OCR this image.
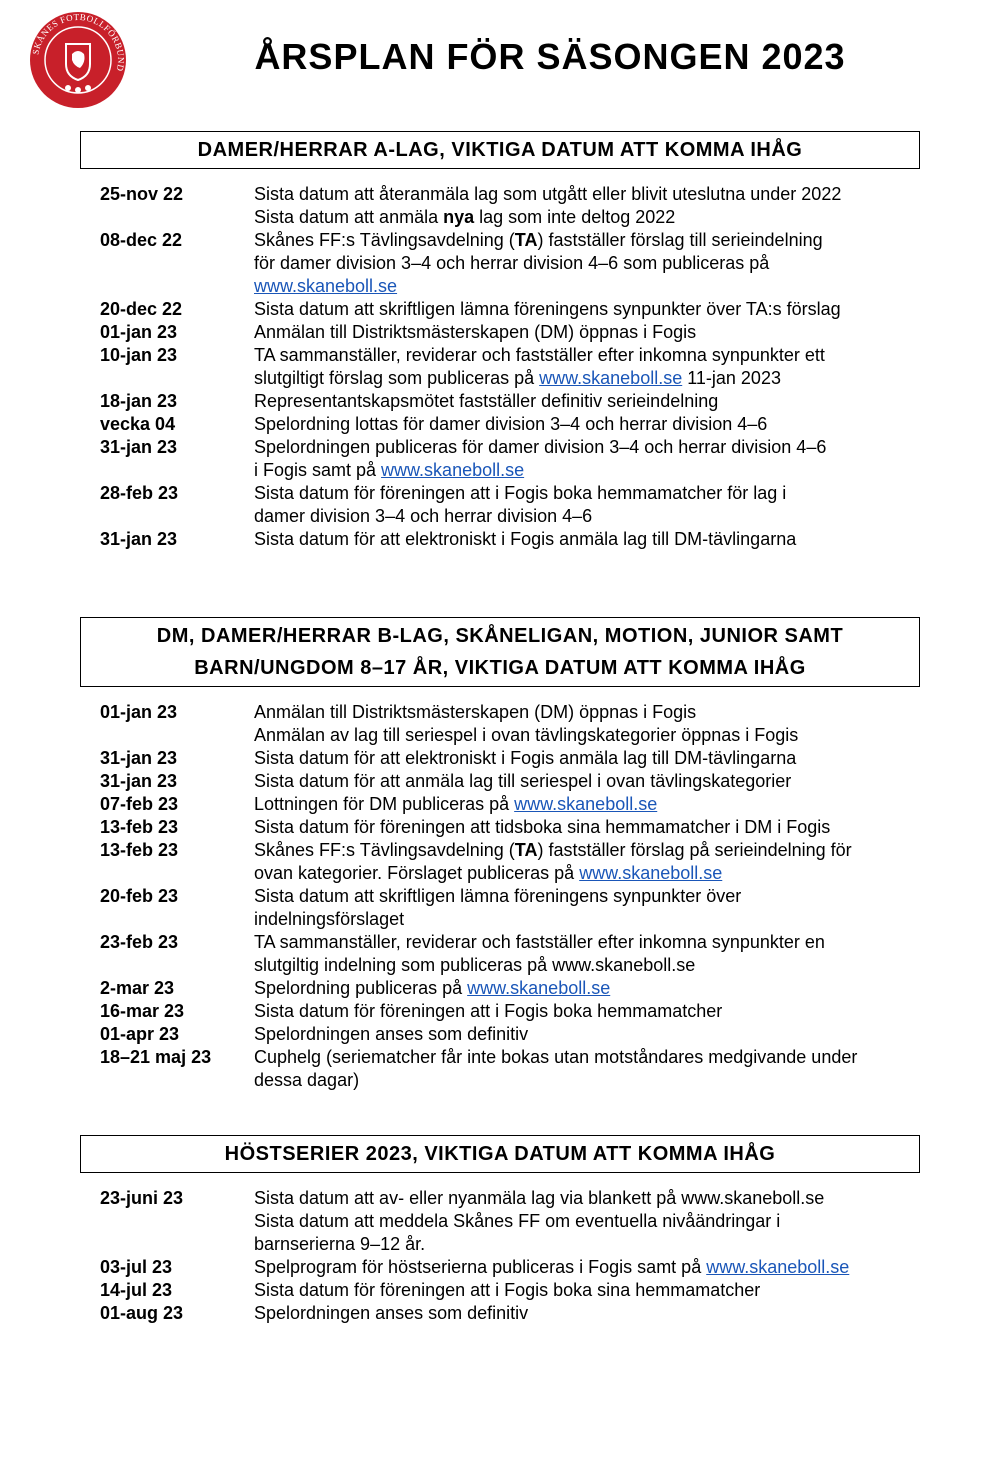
SKÅNES FOTBOLLFÖRBUND	ÅRSPLAN FÖR SÄSONGEN 2023
DAMER/HERRAR A-LAG, VIKTIGA DATUM ATT KOMMA IHÅG
25-nov 22	Sista datum att återanmäla lag som utgått eller blivit uteslutna under 2022
Sista datum att anmäla nya lag som inte deltog 2022
08-dec 22	Skånes FF:s Tävlingsavdelning (TA) fastställer förslag till serieindelning
för damer division 3–4 och herrar division 4–6 som publiceras på
www.skaneboll.se
20-dec 22	Sista datum att skriftligen lämna föreningens synpunkter över TA:s förslag
01-jan 23	Anmälan till Distriktsmästerskapen (DM) öppnas i Fogis
10-jan 23	TA sammanställer, reviderar och fastställer efter inkomna synpunkter ett
slutgiltigt förslag som publiceras på www.skaneboll.se 11-jan 2023
18-jan 23	Representantskapsmötet fastställer definitiv serieindelning
vecka 04	Spelordning lottas för damer division 3–4 och herrar division 4–6
31-jan 23	Spelordningen publiceras för damer division 3–4 och herrar division 4–6
i Fogis samt på www.skaneboll.se
28-feb 23	Sista datum för föreningen att i Fogis boka hemmamatcher för lag i
damer division 3–4 och herrar division 4–6
31-jan 23	Sista datum för att elektroniskt i Fogis anmäla lag till DM-tävlingarna
DM, DAMER/HERRAR B-LAG, SKÅNELIGAN, MOTION, JUNIOR SAMT
BARN/UNGDOM 8–17 ÅR, VIKTIGA DATUM ATT KOMMA IHÅG
01-jan 23	Anmälan till Distriktsmästerskapen (DM) öppnas i Fogis
Anmälan av lag till seriespel i ovan tävlingskategorier öppnas i Fogis
31-jan 23	Sista datum för att elektroniskt i Fogis anmäla lag till DM-tävlingarna
31-jan 23	Sista datum för att anmäla lag till seriespel i ovan tävlingskategorier
07-feb 23	Lottningen för DM publiceras på www.skaneboll.se
13-feb 23	Sista datum för föreningen att tidsboka sina hemmamatcher i DM i Fogis
13-feb 23	Skånes FF:s Tävlingsavdelning (TA) fastställer förslag på serieindelning för
ovan kategorier. Förslaget publiceras på www.skaneboll.se
20-feb 23	Sista datum att skriftligen lämna föreningens synpunkter över
indelningsförslaget
23-feb 23	TA sammanställer, reviderar och fastställer efter inkomna synpunkter en
slutgiltig indelning som publiceras på www.skaneboll.se
2-mar 23	Spelordning publiceras på www.skaneboll.se
16-mar 23	Sista datum för föreningen att i Fogis boka hemmamatcher
01-apr 23	Spelordningen anses som definitiv
18–21 maj 23	Cuphelg (seriematcher får inte bokas utan motståndares medgivande under
dessa dagar)
HÖSTSERIER 2023, VIKTIGA DATUM ATT KOMMA IHÅG
23-juni 23	Sista datum att av- eller nyanmäla lag via blankett på www.skaneboll.se
Sista datum att meddela Skånes FF om eventuella nivåändringar i
barnserierna 9–12 år.
03-jul 23	Spelprogram för höstserierna publiceras i Fogis samt på www.skaneboll.se
14-jul 23	Sista datum för föreningen att i Fogis boka sina hemmamatcher
01-aug 23	Spelordningen anses som definitiv
